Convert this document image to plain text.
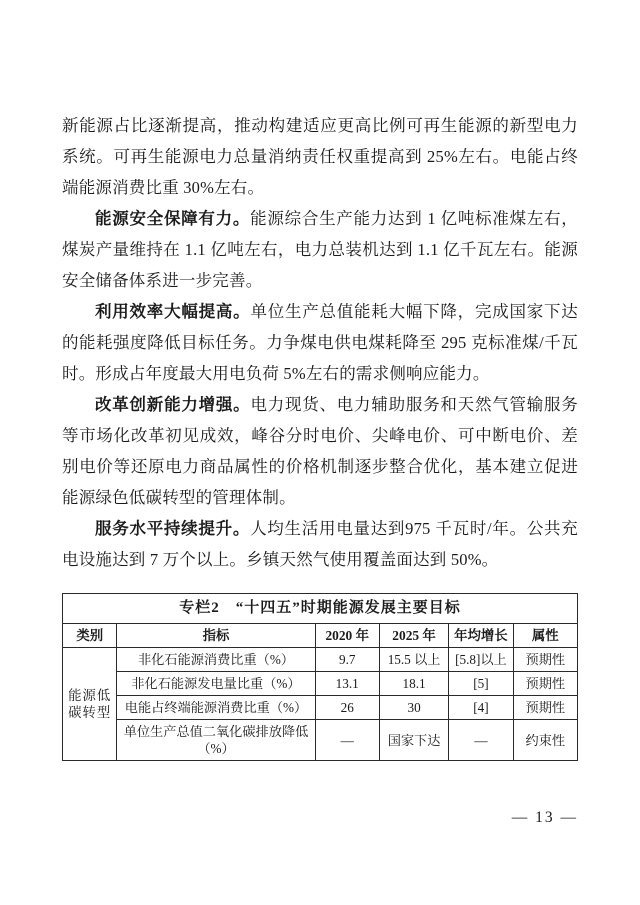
新能源占比逐渐提高，推动构建适应更高比例可再生能源的新型电力系统。可再生能源电力总量消纳责任权重提高到 25%左右。电能占终端能源消费比重 30%左右。

能源安全保障有力。能源综合生产能力达到 1 亿吨标准煤左右，煤炭产量维持在 1.1 亿吨左右，电力总装机达到 1.1 亿千瓦左右。能源安全储备体系进一步完善。

利用效率大幅提高。单位生产总值能耗大幅下降，完成国家下达的能耗强度降低目标任务。力争煤电供电煤耗降至 295 克标准煤/千瓦时。形成占年度最大用电负荷 5%左右的需求侧响应能力。

改革创新能力增强。电力现货、电力辅助服务和天然气管输服务等市场化改革初见成效，峰谷分时电价、尖峰电价、可中断电价、差别电价等还原电力商品属性的价格机制逐步整合优化，基本建立促进能源绿色低碳转型的管理体制。

服务水平持续提升。人均生活用电量达到975 千瓦时/年。公共充电设施达到 7 万个以上。乡镇天然气使用覆盖面达到 50%。

专栏2　“十四五”时期能源发展主要目标					
类别	指标	2020 年	2025 年	年均增长	属性
能源低碳转型	非化石能源消费比重（%）	9.7	15.5 以上	[5.8]以上	预期性
	非化石能源发电量比重（%）	13.1	18.1	[5]	预期性
	电能占终端能源消费比重（%）	26	30	[4]	预期性
	单位生产总值二氧化碳排放降低（%）	—	国家下达	—	约束性
— 13 —
